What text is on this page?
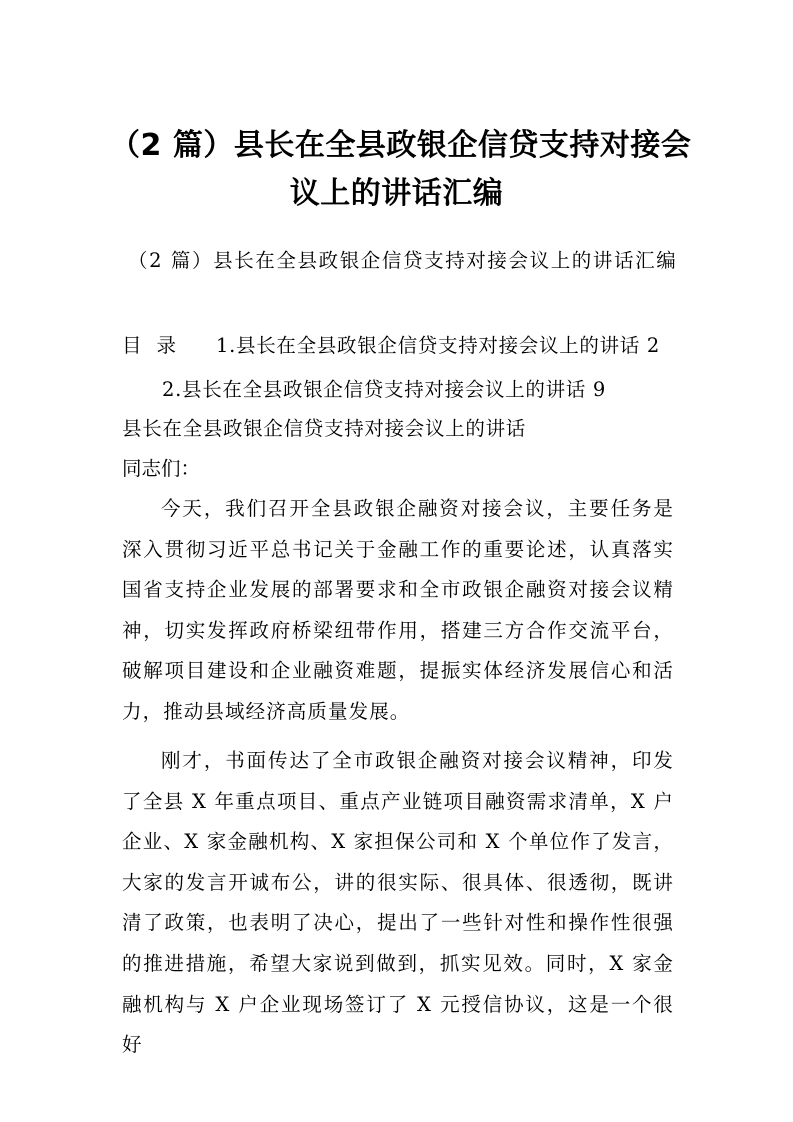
（2 篇）县长在全县政银企信贷支持对接会
议上的讲话汇编
（2 篇）县长在全县政银企信贷支持对接会议上的讲话汇编
目录 1.县长在全县政银企信贷支持对接会议上的讲话 2
2.县长在全县政银企信贷支持对接会议上的讲话 9
县长在全县政银企信贷支持对接会议上的讲话
同志们：

今天，我们召开全县政银企融资对接会议，主要任务是深入贯彻习近平总书记关于金融工作的重要论述，认真落实国省支持企业发展的部署要求和全市政银企融资对接会议精神，切实发挥政府桥梁纽带作用，搭建三方合作交流平台，破解项目建设和企业融资难题，提振实体经济发展信心和活力，推动县域经济高质量发展。

刚才，书面传达了全市政银企融资对接会议精神，印发了全县 X 年重点项目、重点产业链项目融资需求清单，X 户企业、X 家金融机构、X 家担保公司和 X 个单位作了发言，大家的发言开诚布公，讲的很实际、很具体、很透彻，既讲清了政策，也表明了决心，提出了一些针对性和操作性很强的推进措施，希望大家说到做到，抓实见效。同时，X 家金融机构与 X 户企业现场签订了 X 元授信协议，这是一个很好
